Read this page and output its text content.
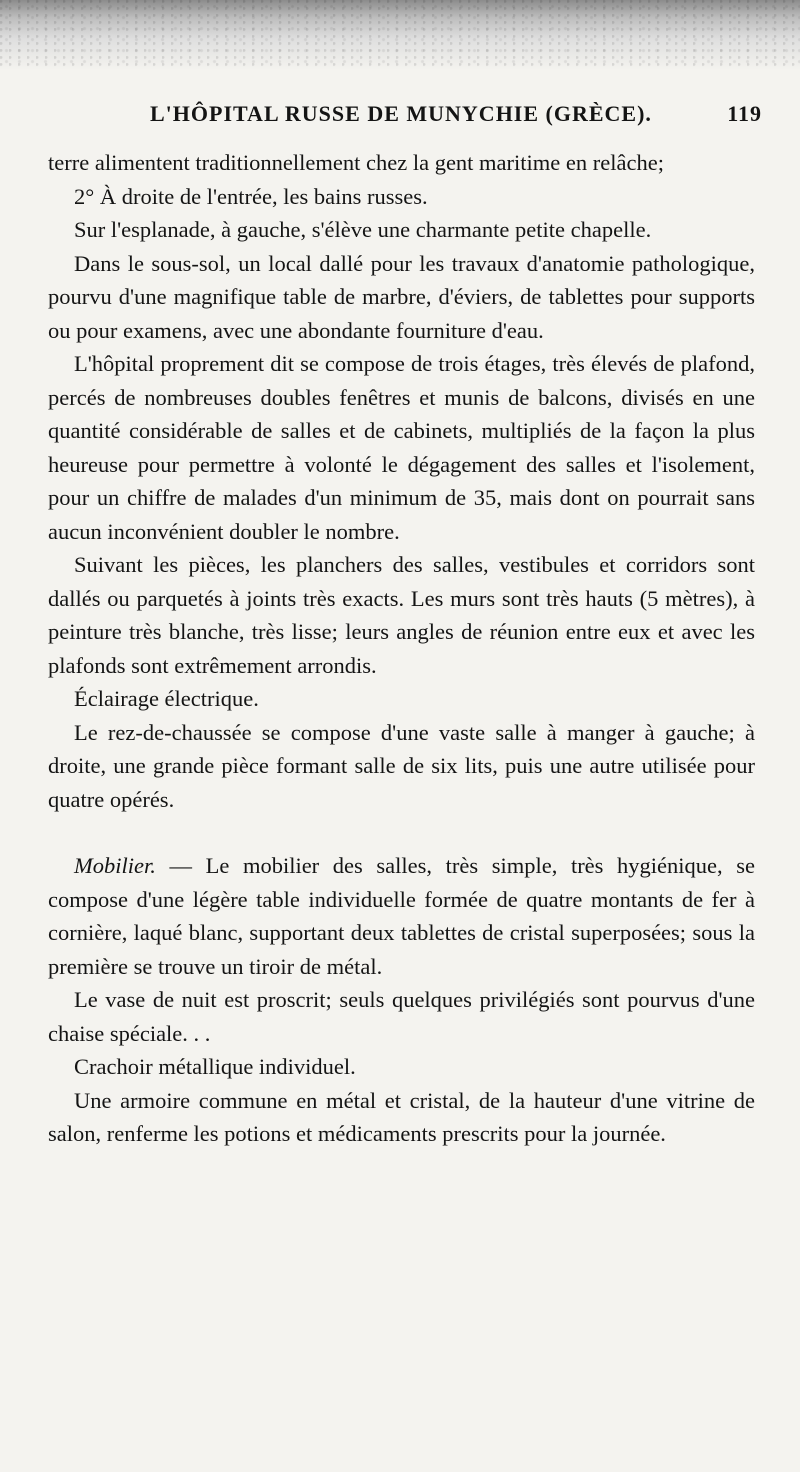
L'HÔPITAL RUSSE DE MUNYCHIE (GRÈCE).	119

terre alimentent traditionnellement chez la gent maritime en relâche;

2° À droite de l'entrée, les bains russes.

Sur l'esplanade, à gauche, s'élève une charmante petite chapelle.

Dans le sous-sol, un local dallé pour les travaux d'anatomie pathologique, pourvu d'une magnifique table de marbre, d'éviers, de tablettes pour supports ou pour examens, avec une abondante fourniture d'eau.

L'hôpital proprement dit se compose de trois étages, très élevés de plafond, percés de nombreuses doubles fenêtres et munis de balcons, divisés en une quantité considérable de salles et de cabinets, multipliés de la façon la plus heureuse pour permettre à volonté le dégagement des salles et l'isolement, pour un chiffre de malades d'un minimum de 35, mais dont on pourrait sans aucun inconvénient doubler le nombre.

Suivant les pièces, les planchers des salles, vestibules et corridors sont dallés ou parquetés à joints très exacts. Les murs sont très hauts (5 mètres), à peinture très blanche, très lisse; leurs angles de réunion entre eux et avec les plafonds sont extrêmement arrondis.

Éclairage électrique.

Le rez-de-chaussée se compose d'une vaste salle à manger à gauche; à droite, une grande pièce formant salle de six lits, puis une autre utilisée pour quatre opérés.

Mobilier. — Le mobilier des salles, très simple, très hygiénique, se compose d'une légère table individuelle formée de quatre montants de fer à cornière, laqué blanc, supportant deux tablettes de cristal superposées; sous la première se trouve un tiroir de métal.

Le vase de nuit est proscrit; seuls quelques privilégiés sont pourvus d'une chaise spéciale. . .

Crachoir métallique individuel.

Une armoire commune en métal et cristal, de la hauteur d'une vitrine de salon, renferme les potions et médicaments prescrits pour la journée.
